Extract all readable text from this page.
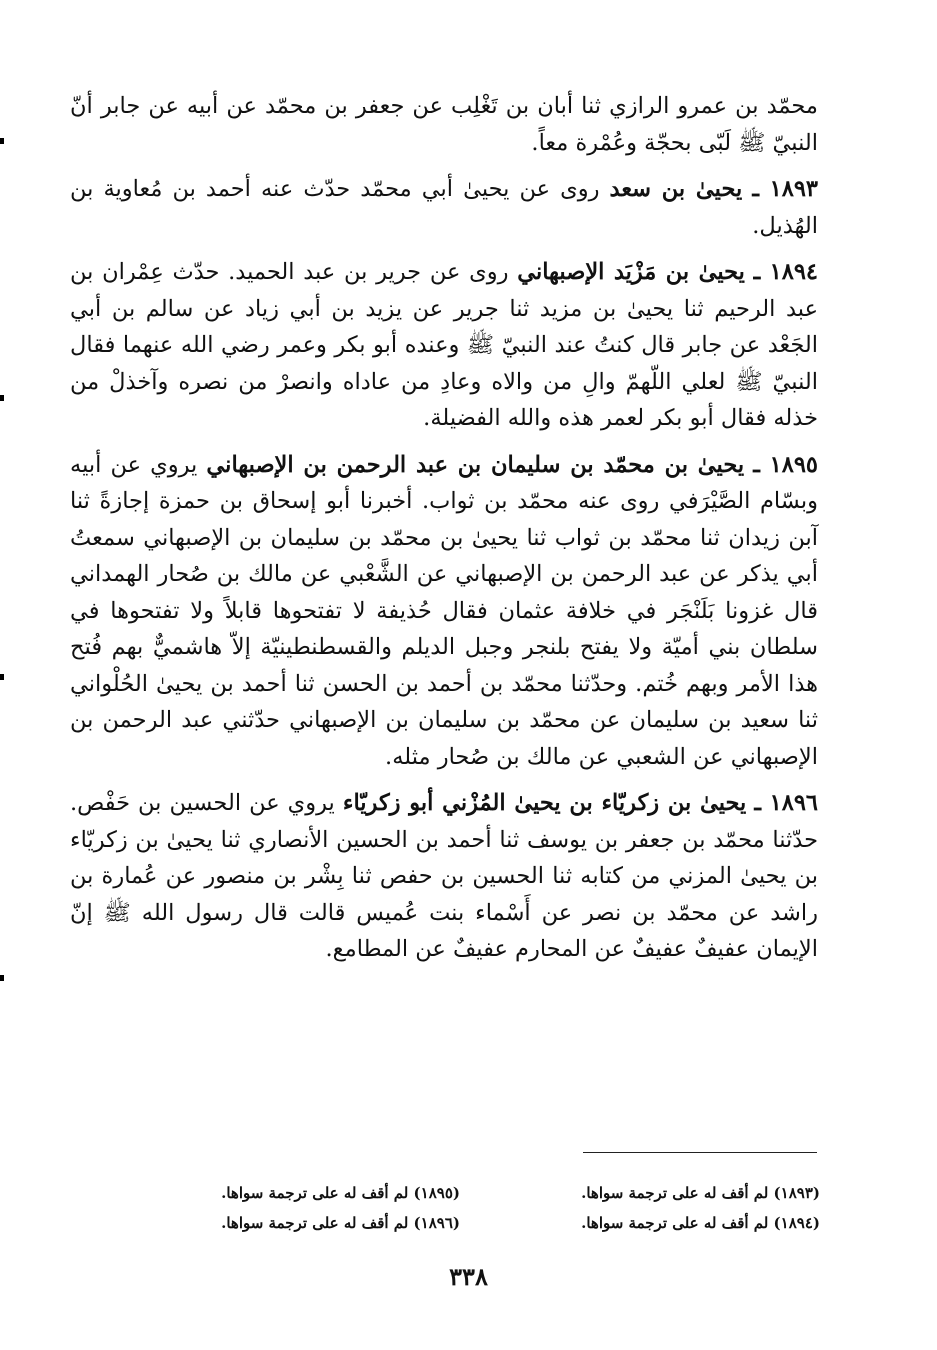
محمّد بن عمرو الرازي ثنا أبان بن تَغْلِب عن جعفر بن محمّد عن أبيه عن جابر أنّ النبيّ ﷺ لَبّى بحجّة وعُمْرة معاً.

١٨٩٣ ـ يحيىٰ بن سعد روى عن يحيىٰ أبي محمّد حدّث عنه أحمد بن مُعاوية بن الهُذيل.

١٨٩٤ ـ يحيىٰ بن مَزْيَد الإصبهاني روى عن جرير بن عبد الحميد. حدّث عِمْران بن عبد الرحيم ثنا يحيىٰ بن مزيد ثنا جرير عن يزيد بن أبي زياد عن سالم بن أبي الجَعْد عن جابر قال كنتُ عند النبيّ ﷺ وعنده أبو بكر وعمر رضي الله عنهما فقال النبيّ ﷺ لعلي اللّهمّ والِ من والاه وعادِ من عاداه وانصرْ من نصره وآخذلْ من خذله فقال أبو بكر لعمر هذه والله الفضيلة.

١٨٩٥ ـ يحيىٰ بن محمّد بن سليمان بن عبد الرحمن بن الإصبهاني يروي عن أبيه وبسّام الصَّيْرَفي روى عنه محمّد بن ثواب. أخبرنا أبو إسحاق بن حمزة إجازةً ثنا آبن زيدان ثنا محمّد بن ثواب ثنا يحيىٰ بن محمّد بن سليمان بن الإصبهاني سمعتُ أبي يذكر عن عبد الرحمن بن الإصبهاني عن الشَّعْبي عن مالك بن صُحار الهمداني قال غزونا بَلَنْجَر في خلافة عثمان فقال حُذيفة لا تفتحوها قابلاً ولا تفتحوها في سلطان بني أميّة ولا يفتح بلنجر وجبل الديلم والقسطنطينيّة إلاّ هاشميٌّ بهم فُتح هذا الأمر وبهم خُتم. وحدّثنا محمّد بن أحمد بن الحسن ثنا أحمد بن يحيىٰ الحُلْواني ثنا سعيد بن سليمان عن محمّد بن سليمان بن الإصبهاني حدّثني عبد الرحمن بن الإصبهاني عن الشعبي عن مالك بن صُحار مثله.

١٨٩٦ ـ يحيىٰ بن زكريّاء بن يحيىٰ المُزْني أبو زكريّاء يروي عن الحسين بن حَفْص. حدّثنا محمّد بن جعفر بن يوسف ثنا أحمد بن الحسين الأنصاري ثنا يحيىٰ بن زكريّاء بن يحيىٰ المزني من كتابه ثنا الحسين بن حفص ثنا بِشْر بن منصور عن عُمارة بن راشد عن محمّد بن نصر عن أَسْماء بنت عُميس قالت قال رسول الله ﷺ إنّ الإيمان عفيفٌ عفيفٌ عن المحارم عفيفٌ عن المطامع.

(١٨٩٣) لم أقف له على ترجمة سواها.
(١٨٩٥) لم أقف له على ترجمة سواها.
(١٨٩٤) لم أقف له على ترجمة سواها.
(١٨٩٦) لم أقف له على ترجمة سواها.
٣٣٨
